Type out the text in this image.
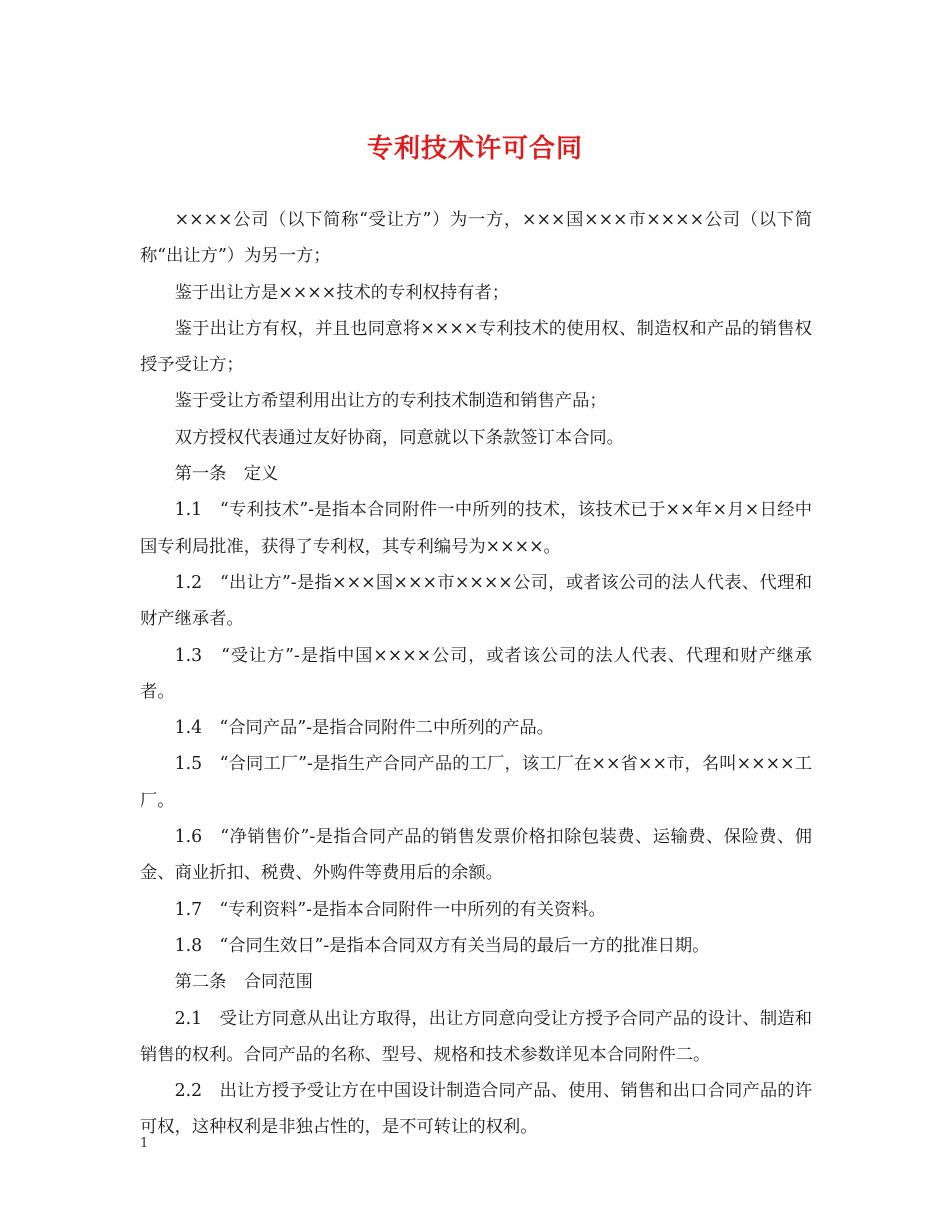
专利技术许可合同

××××公司（以下简称“受让方”）为一方，×××国×××市××××公司（以下简称“出让方”）为另一方；

鉴于出让方是××××技术的专利权持有者；

鉴于出让方有权，并且也同意将××××专利技术的使用权、制造权和产品的销售权授予受让方；

鉴于受让方希望利用出让方的专利技术制造和销售产品；

双方授权代表通过友好协商，同意就以下条款签订本合同。

第一条　定义

1.1　“专利技术”-是指本合同附件一中所列的技术，该技术已于××年×月×日经中国专利局批准，获得了专利权，其专利编号为××××。

1.2　“出让方”-是指×××国×××市××××公司，或者该公司的法人代表、代理和财产继承者。

1.3　“受让方”-是指中国××××公司，或者该公司的法人代表、代理和财产继承者。

1.4　“合同产品”-是指合同附件二中所列的产品。

1.5　“合同工厂”-是指生产合同产品的工厂，该工厂在××省××市，名叫××××工厂。

1.6　“净销售价”-是指合同产品的销售发票价格扣除包装费、运输费、保险费、佣金、商业折扣、税费、外购件等费用后的余额。

1.7　“专利资料”-是指本合同附件一中所列的有关资料。

1.8　“合同生效日”-是指本合同双方有关当局的最后一方的批准日期。

第二条　合同范围

2.1　受让方同意从出让方取得，出让方同意向受让方授予合同产品的设计、制造和销售的权利。合同产品的名称、型号、规格和技术参数详见本合同附件二。

2.2　出让方授予受让方在中国设计制造合同产品、使用、销售和出口合同产品的许可权，这种权利是非独占性的，是不可转让的权利。

1
